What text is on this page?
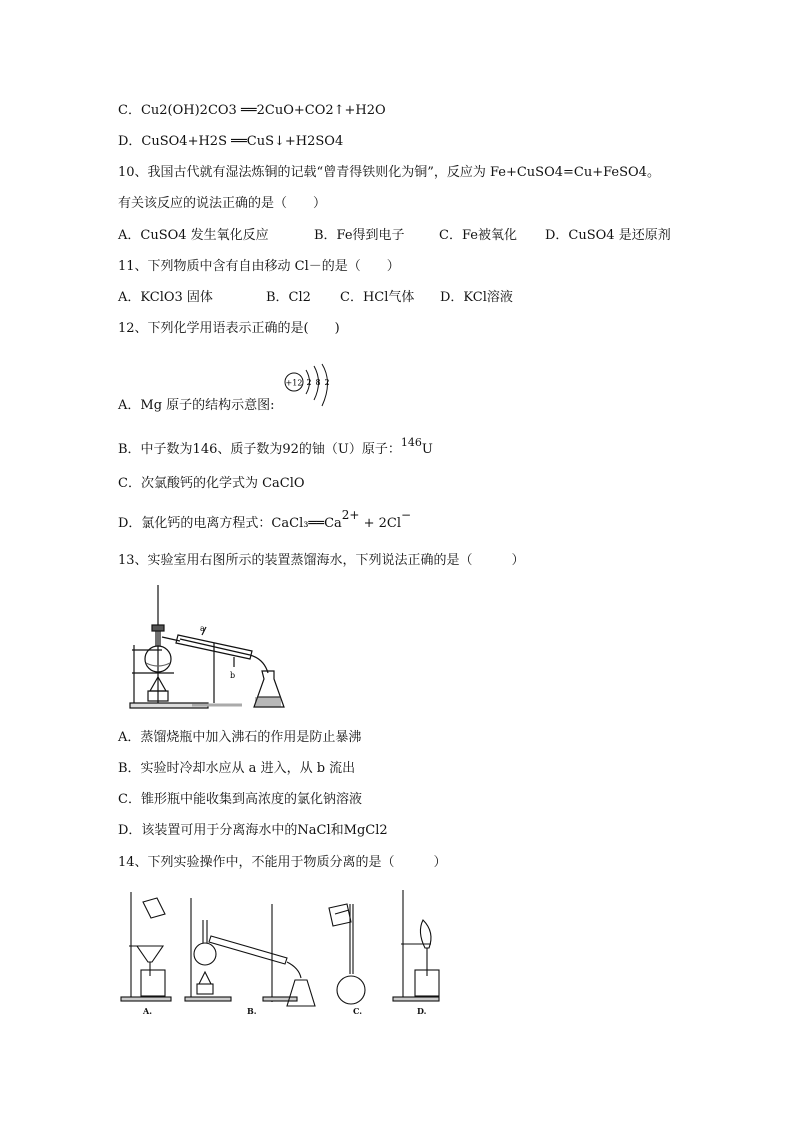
C．Cu2(OH)2CO3 ══2CuO+CO2↑+H2O
D．CuSO4+H2S ══CuS↓+H2SO4
10、我国古代就有湿法炼铜的记载“曾青得铁则化为铜”，反应为 Fe+CuSO4=Cu+FeSO4。
有关该反应的说法正确的是（　　）
A．CuSO4 发生氧化反应	B．Fe得到电子	C．Fe被氧化 D．CuSO4 是还原剂
11、下列物质中含有自由移动 Cl－的是（　　）
A．KClO3 固体	B．Cl2 C．HCl气体 D．KCl溶液
12、下列化学用语表示正确的是(　　)
A．Mg 原子的结构示意图:
+12 2 8 2
B．中子数为146、质子数为92的铀（U）原子：$^{146}$U
C．次氯酸钙的化学式为 CaClO
D．氯化钙的电离方程式：CaCl₃══Ca2+ + 2Cl−
13、实验室用右图所示的装置蒸馏海水，下列说法正确的是（　　　）
a
b
A．蒸馏烧瓶中加入沸石的作用是防止暴沸
B．实验时冷却水应从 a 进入，从 b 流出
C．锥形瓶中能收集到高浓度的氯化钠溶液
D．该装置可用于分离海水中的NaCl和MgCl2
14、下列实验操作中，不能用于物质分离的是（　　　）
A.	B.	C.	D.
